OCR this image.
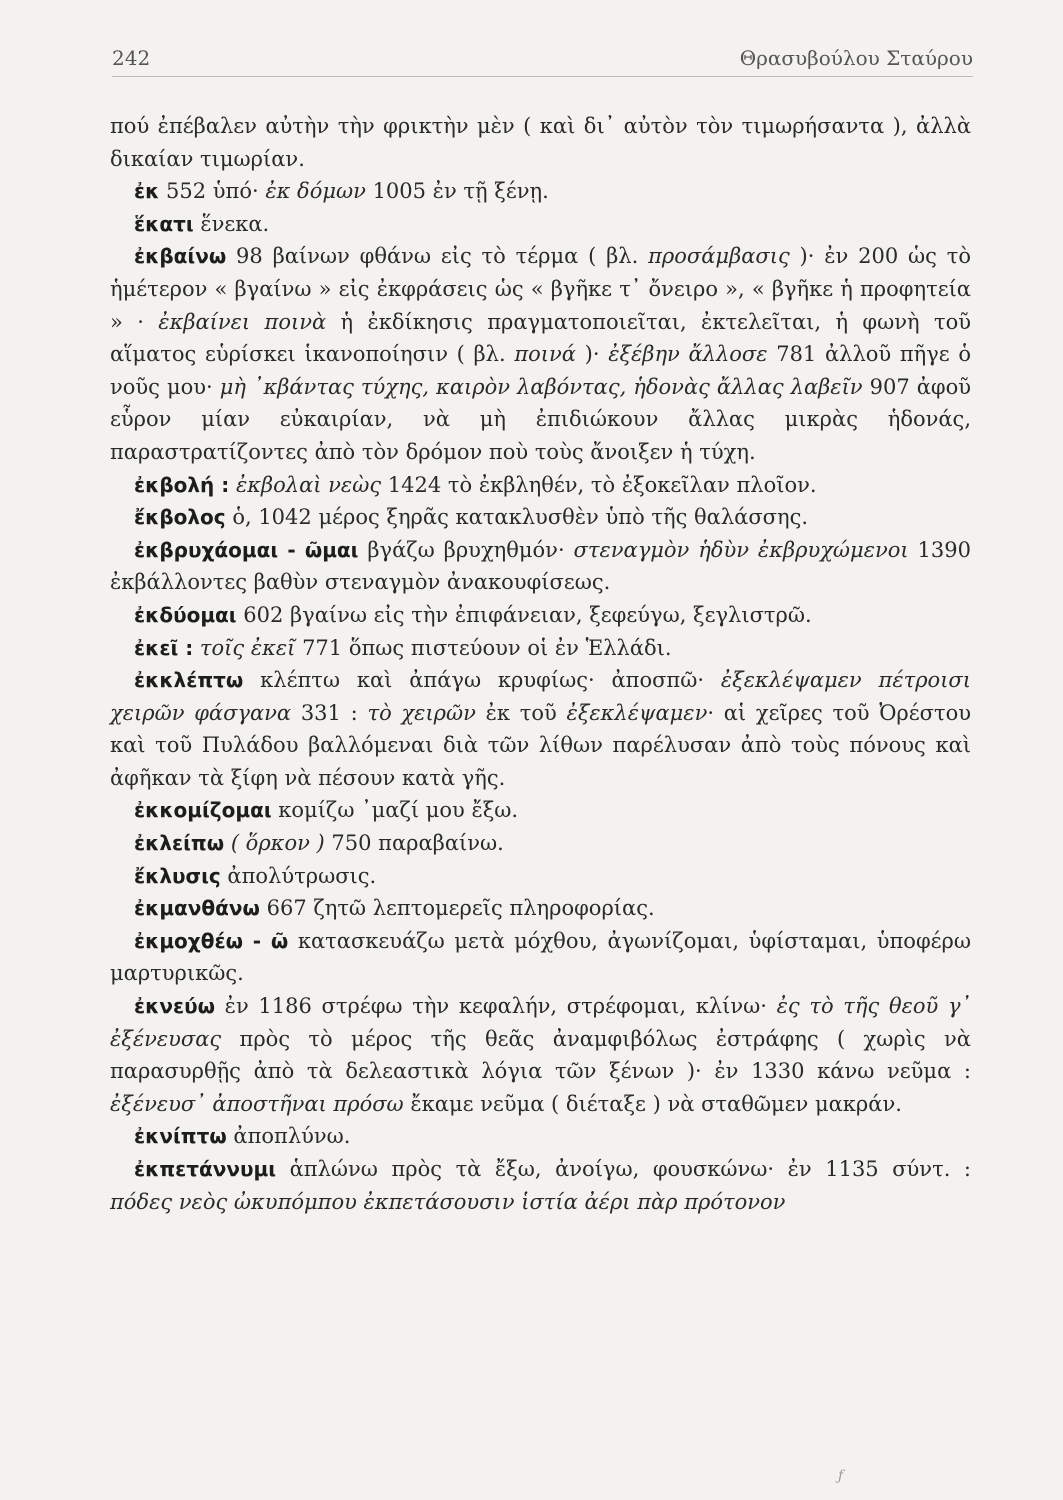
242	Θρασυβούλου Σταύρου

πού ἐπέβαλεν αὐτὴν τὴν φρικτὴν μὲν ( καὶ δι᾽ αὐτὸν τὸν τιμωρήσαντα ), ἀλλὰ δικαίαν τιμωρίαν.

ἐκ 552 ὑπό· ἐκ δόμων 1005 ἐν τῇ ξένῃ.

ἕκατι ἕνεκα.

ἐκβαίνω 98 βαίνων φθάνω εἰς τὸ τέρμα ( βλ. προσάμβασις )· ἐν 200 ὡς τὸ ἡμέτερον « βγαίνω » εἰς ἐκφράσεις ὡς « βγῆκε τ᾽ ὄνειρο », « βγῆκε ἡ προφητεία » · ἐκβαίνει ποινὰ ἡ ἐκδίκησις πραγματοποιεῖται, ἐκτελεῖται, ἡ φωνὴ τοῦ αἵματος εὑρίσκει ἱκανοποίησιν ( βλ. ποινά )· ἐξέβην ἄλλοσε 781 ἀλλοῦ πῆγε ὁ νοῦς μου· μὴ ᾽κβάντας τύχης, καιρὸν λαβόντας, ἡδονὰς ἄλλας λαβεῖν 907 ἀφοῦ εὗρον μίαν εὐκαιρίαν, νὰ μὴ ἐπιδιώκουν ἄλλας μικρὰς ἡδονάς, παραστρατίζοντες ἀπὸ τὸν δρόμον ποὺ τοὺς ἄνοιξεν ἡ τύχη.

ἐκβολή : ἐκβολαὶ νεὼς 1424 τὸ ἐκβληθέν, τὸ ἐξοκεῖλαν πλοῖον.

ἔκβολος ὁ, 1042 μέρος ξηρᾶς κατακλυσθὲν ὑπὸ τῆς θαλάσσης.

ἐκβρυχάομαι - ῶμαι βγάζω βρυχηθμόν· στεναγμὸν ἡδὺν ἐκβρυχώμενοι 1390 ἐκβάλλοντες βαθὺν στεναγμὸν ἀνακουφίσεως.

ἐκδύομαι 602 βγαίνω εἰς τὴν ἐπιφάνειαν, ξεφεύγω, ξεγλιστρῶ.

ἐκεῖ : τοῖς ἐκεῖ 771 ὅπως πιστεύουν οἱ ἐν Ἑλλάδι.

ἐκκλέπτω κλέπτω καὶ ἀπάγω κρυφίως· ἀποσπῶ· ἐξεκλέψαμεν πέτροισι χειρῶν φάσγανα 331 : τὸ χειρῶν ἐκ τοῦ ἐξεκλέψαμεν· αἱ χεῖρες τοῦ Ὀρέστου καὶ τοῦ Πυλάδου βαλλόμεναι διὰ τῶν λίθων παρέλυσαν ἀπὸ τοὺς πόνους καὶ ἀφῆκαν τὰ ξίφη νὰ πέσουν κατὰ γῆς.

ἐκκομίζομαι κομίζω ᾽μαζί μου ἔξω.

ἐκλείπω ( ὅρκον ) 750 παραβαίνω.

ἔκλυσις ἀπολύτρωσις.

ἐκμανθάνω 667 ζητῶ λεπτομερεῖς πληροφορίας.

ἐκμοχθέω - ῶ κατασκευάζω μετὰ μόχθου, ἀγωνίζομαι, ὑφίσταμαι, ὑποφέρω μαρτυρικῶς.

ἐκνεύω ἐν 1186 στρέφω τὴν κεφαλήν, στρέφομαι, κλίνω· ἐς τὸ τῆς θεοῦ γ᾽ ἐξένευσας πρὸς τὸ μέρος τῆς θεᾶς ἀναμφιβόλως ἐστράφης ( χωρὶς νὰ παρασυρθῇς ἀπὸ τὰ δελεαστικὰ λόγια τῶν ξένων )· ἐν 1330 κάνω νεῦμα : ἐξένευσ᾽ ἀποστῆναι πρόσω ἔκαμε νεῦμα ( διέταξε ) νὰ σταθῶμεν μακράν.

ἐκνίπτω ἀποπλύνω.

ἐκπετάννυμι ἁπλώνω πρὸς τὰ ἔξω, ἀνοίγω, φουσκώνω· ἐν 1135 σύντ. : πόδες νεὸς ὠκυπόμπου ἐκπετάσουσιν ἱστία ἀέρι πὰρ πρότονον

ƒ
